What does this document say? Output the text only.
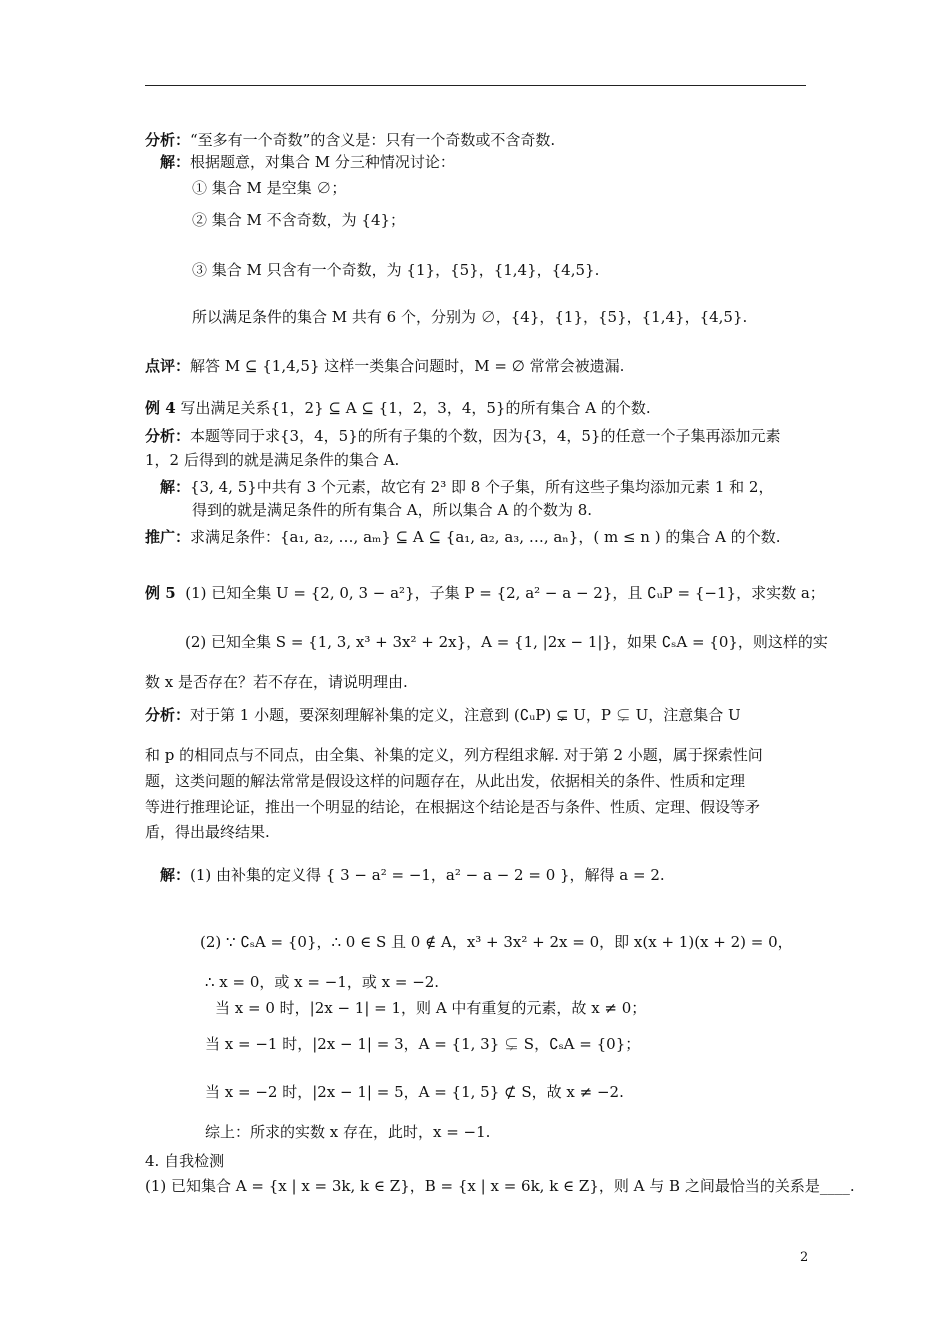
分析：“至多有一个奇数”的含义是：只有一个奇数或不含奇数.
解：根据题意，对集合 M 分三种情况讨论：
① 集合 M 是空集 ∅；
② 集合 M 不含奇数，为 {4}；
③ 集合 M 只含有一个奇数，为 {1}，{5}，{1,4}，{4,5}.
所以满足条件的集合 M 共有 6 个，分别为 ∅，{4}，{1}，{5}，{1,4}，{4,5}.
点评：解答 M ⊆ {1,4,5} 这样一类集合问题时，M = ∅ 常常会被遗漏.
例 4 写出满足关系{1，2} ⊆ A ⊆ {1，2，3，4，5}的所有集合 A 的个数.
分析：本题等同于求{3，4，5}的所有子集的个数，因为{3，4，5}的任意一个子集再添加元素
1，2 后得到的就是满足条件的集合 A.
解：{3, 4, 5}中共有 3 个元素，故它有 2³ 即 8 个子集，所有这些子集均添加元素 1 和 2，
得到的就是满足条件的所有集合 A，所以集合 A 的个数为 8.
推广：求满足条件：{a₁, a₂, …, aₘ} ⊆ A ⊆ {a₁, a₂, a₃, …, aₙ}，( m ≤ n ) 的集合 A 的个数.
例 5 (1) 已知全集 U = {2, 0, 3 − a²}，子集 P = {2, a² − a − 2}，且 ∁ᵤP = {−1}，求实数 a；
(2) 已知全集 S = {1, 3, x³ + 3x² + 2x}，A = {1, |2x − 1|}，如果 ∁ₛA = {0}，则这样的实
数 x 是否存在？若不存在，请说明理由.
分析：对于第 1 小题，要深刻理解补集的定义，注意到 (∁ᵤP) ⊊ U，P ⊊ U，注意集合 U
和 p 的相同点与不同点，由全集、补集的定义，列方程组求解. 对于第 2 小题，属于探索性问
题，这类问题的解法常常是假设这样的问题存在，从此出发，依据相关的条件、性质和定理
等进行推理论证，推出一个明显的结论，在根据这个结论是否与条件、性质、定理、假设等矛
盾，得出最终结果.
解：(1) 由补集的定义得 { 3 − a² = −1，a² − a − 2 = 0 }，解得 a = 2.
(2) ∵ ∁ₛA = {0}，∴ 0 ∈ S 且 0 ∉ A，x³ + 3x² + 2x = 0，即 x(x + 1)(x + 2) = 0，
∴ x = 0，或 x = −1，或 x = −2.
当 x = 0 时，|2x − 1| = 1，则 A 中有重复的元素，故 x ≠ 0；
当 x = −1 时，|2x − 1| = 3，A = {1, 3} ⊊ S，∁ₛA = {0}；
当 x = −2 时，|2x − 1| = 5，A = {1, 5} ⊄ S，故 x ≠ −2.
综上：所求的实数 x 存在，此时，x = −1.
4. 自我检测
(1) 已知集合 A = {x | x = 3k, k ∈ Z}，B = {x | x = 6k, k ∈ Z}，则 A 与 B 之间最恰当的关系是____.
2
